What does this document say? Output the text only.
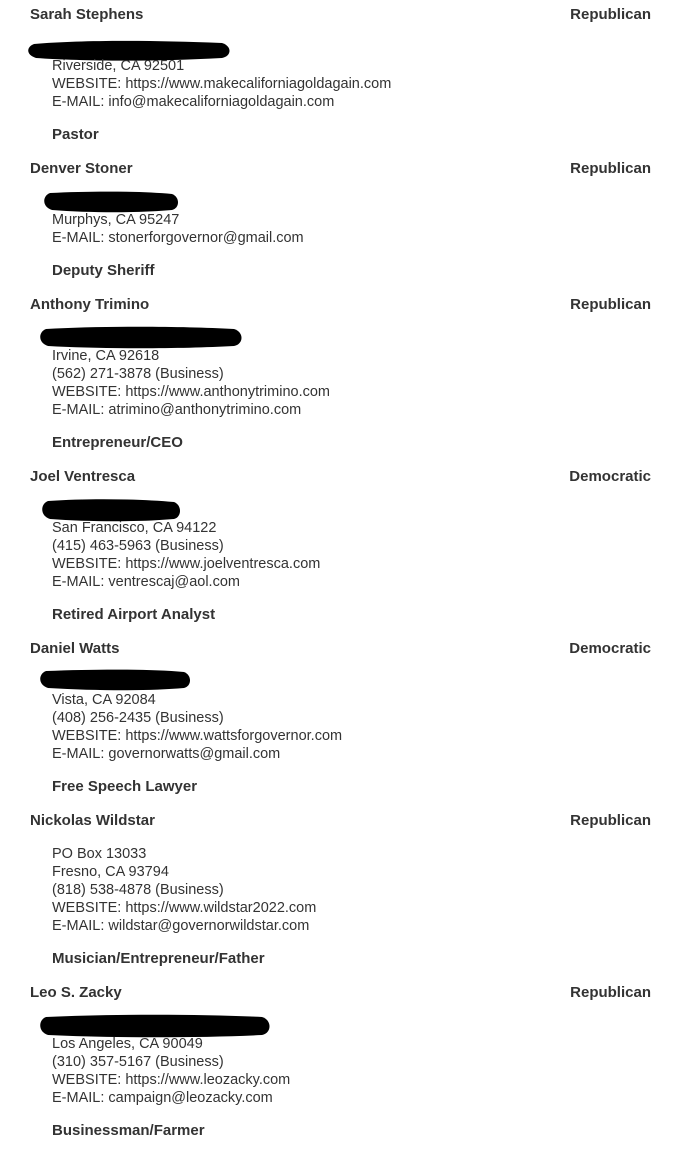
Sarah Stephens	Republican
Riverside, CA 92501
WEBSITE: https://www.makecaliforniagoldagain.com
E-MAIL: info@makecaliforniagoldagain.com
Pastor
Denver Stoner	Republican
Murphys, CA 95247
E-MAIL: stonerforgovernor@gmail.com
Deputy Sheriff
Anthony Trimino	Republican
Irvine, CA 92618
(562) 271-3878 (Business)
WEBSITE: https://www.anthonytrimino.com
E-MAIL: atrimino@anthonytrimino.com
Entrepreneur/CEO
Joel Ventresca	Democratic
San Francisco, CA 94122
(415) 463-5963 (Business)
WEBSITE: https://www.joelventresca.com
E-MAIL: ventrescaj@aol.com
Retired Airport Analyst
Daniel Watts	Democratic
Vista, CA 92084
(408) 256-2435 (Business)
WEBSITE: https://www.wattsforgovernor.com
E-MAIL: governorwatts@gmail.com
Free Speech Lawyer
Nickolas Wildstar	Republican
PO Box 13033
Fresno, CA 93794
(818) 538-4878 (Business)
WEBSITE: https://www.wildstar2022.com
E-MAIL: wildstar@governorwildstar.com
Musician/Entrepreneur/Father
Leo S. Zacky	Republican
Los Angeles, CA 90049
(310) 357-5167 (Business)
WEBSITE: https://www.leozacky.com
E-MAIL: campaign@leozacky.com
Businessman/Farmer
